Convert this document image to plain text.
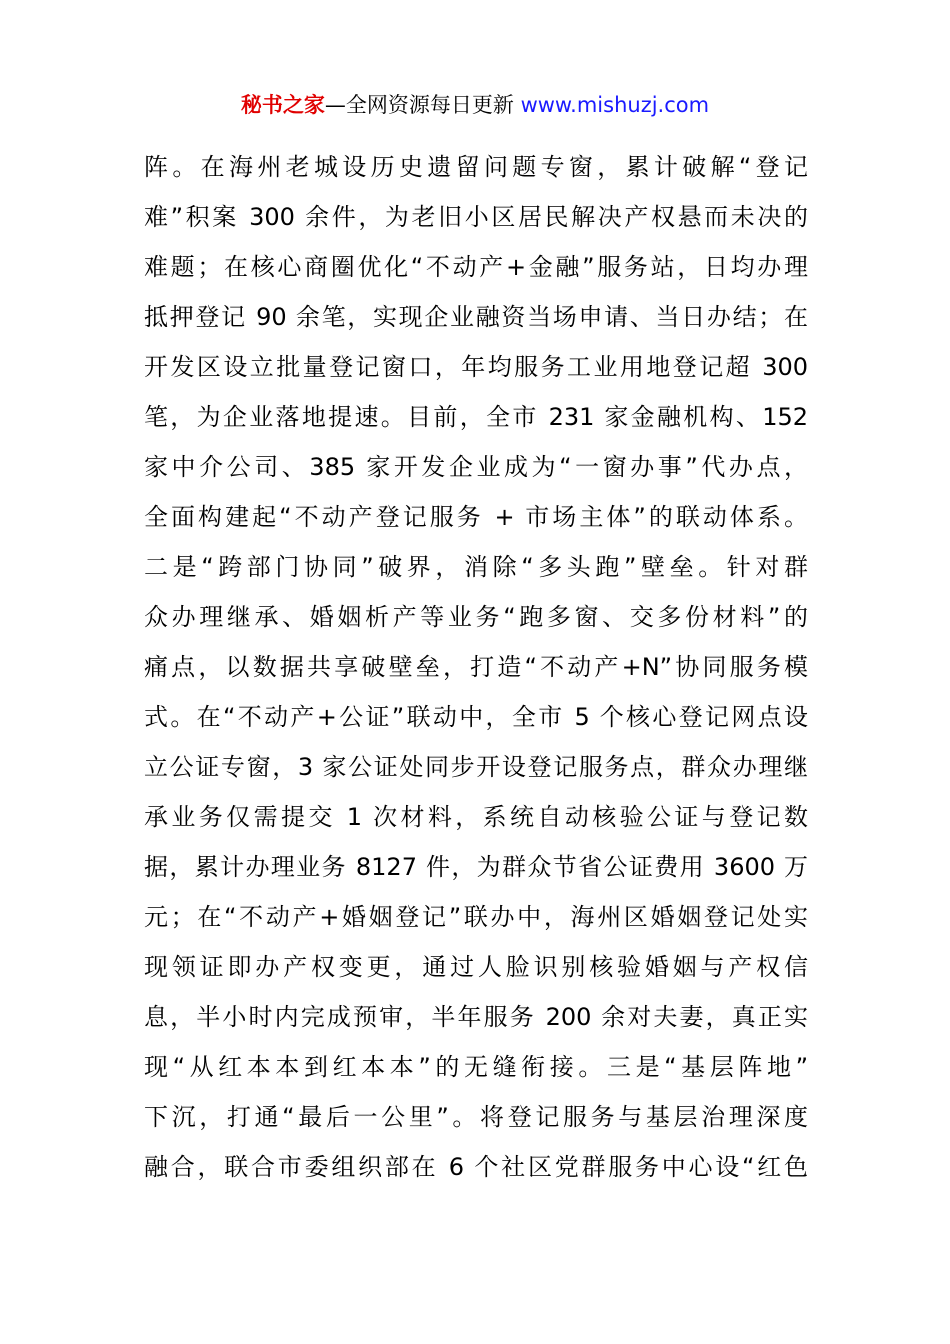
秘书之家—全网资源每日更新 www.mishuzj.com
阵。在海州老城设历史遗留问题专窗，累计破解“登记
难”积案 300 余件，为老旧小区居民解决产权悬而未决的
难题；在核心商圈优化“不动产+金融”服务站，日均办理
抵押登记 90 余笔，实现企业融资当场申请、当日办结；在
开发区设立批量登记窗口，年均服务工业用地登记超 300
笔，为企业落地提速。目前，全市 231 家金融机构、152
家中介公司、385 家开发企业成为“一窗办事”代办点，
全面构建起“不动产登记服务 + 市场主体”的联动体系。
二是“跨部门协同”破界，消除“多头跑”壁垒。针对群
众办理继承、婚姻析产等业务“跑多窗、交多份材料”的
痛点，以数据共享破壁垒，打造“不动产+N”协同服务模
式。在“不动产+公证”联动中，全市 5 个核心登记网点设
立公证专窗，3 家公证处同步开设登记服务点，群众办理继
承业务仅需提交 1 次材料，系统自动核验公证与登记数
据，累计办理业务 8127 件，为群众节省公证费用 3600 万
元；在“不动产+婚姻登记”联办中，海州区婚姻登记处实
现领证即办产权变更，通过人脸识别核验婚姻与产权信
息，半小时内完成预审，半年服务 200 余对夫妻，真正实
现“从红本本到红本本”的无缝衔接。三是“基层阵地”
下沉，打通“最后一公里”。将登记服务与基层治理深度
融合，联合市委组织部在 6 个社区党群服务中心设“红色
